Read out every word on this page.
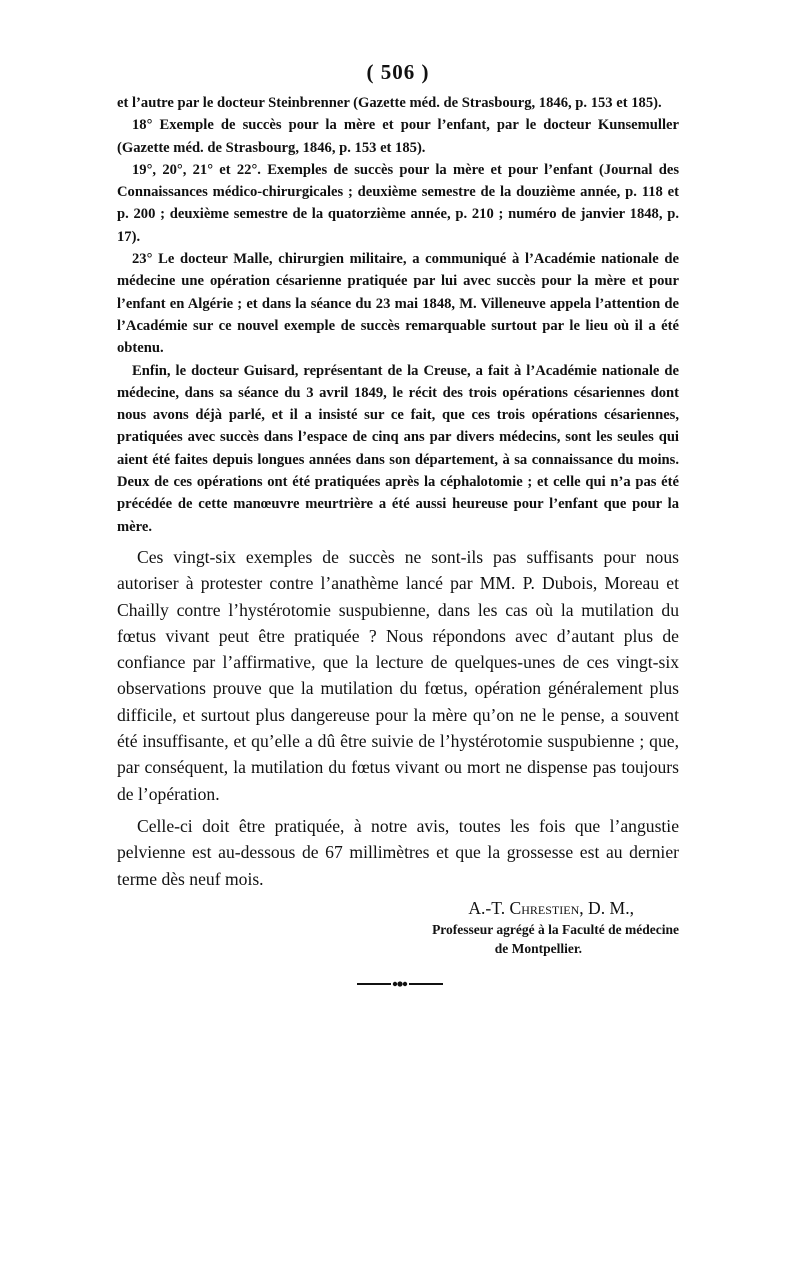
( 506 )

et l’autre par le docteur Steinbrenner (Gazette méd. de Strasbourg, 1846, p. 153 et 185).

18° Exemple de succès pour la mère et pour l’enfant, par le docteur Kunsemuller (Gazette méd. de Strasbourg, 1846, p. 153 et 185).

19°, 20°, 21° et 22°. Exemples de succès pour la mère et pour l’enfant (Journal des Connaissances médico-chirurgicales ; deuxième semestre de la douzième année, p. 118 et p. 200 ; deuxième semestre de la quatorzième année, p. 210 ; numéro de janvier 1848, p. 17).

23° Le docteur Malle, chirurgien militaire, a communiqué à l’Académie nationale de médecine une opération césarienne pratiquée par lui avec succès pour la mère et pour l’enfant en Algérie ; et dans la séance du 23 mai 1848, M. Villeneuve appela l’attention de l’Académie sur ce nouvel exemple de succès remarquable surtout par le lieu où il a été obtenu.

Enfin, le docteur Guisard, représentant de la Creuse, a fait à l’Académie nationale de médecine, dans sa séance du 3 avril 1849, le récit des trois opérations césariennes dont nous avons déjà parlé, et il a insisté sur ce fait, que ces trois opérations césariennes, pratiquées avec succès dans l’espace de cinq ans par divers médecins, sont les seules qui aient été faites depuis longues années dans son département, à sa connaissance du moins. Deux de ces opérations ont été pratiquées après la céphalotomie ; et celle qui n’a pas été précédée de cette manœuvre meurtrière a été aussi heureuse pour l’enfant que pour la mère.

Ces vingt-six exemples de succès ne sont-ils pas suffisants pour nous autoriser à protester contre l’anathème lancé par MM. P. Dubois, Moreau et Chailly contre l’hystérotomie suspubienne, dans les cas où la mutilation du fœtus vivant peut être pratiquée ? Nous répondons avec d’autant plus de confiance par l’affirmative, que la lecture de quelques-unes de ces vingt-six observations prouve que la mutilation du fœtus, opération généralement plus difficile, et surtout plus dangereuse pour la mère qu’on ne le pense, a souvent été insuffisante, et qu’elle a dû être suivie de l’hystérotomie suspubienne ; que, par conséquent, la mutilation du fœtus vivant ou mort ne dispense pas toujours de l’opération.

Celle-ci doit être pratiquée, à notre avis, toutes les fois que l’angustie pelvienne est au-dessous de 67 millimètres et que la grossesse est au dernier terme dès neuf mois.

A.-T. Chrestien, D. M.,
Professeur agrégé à la Faculté de médecine
de Montpellier.
